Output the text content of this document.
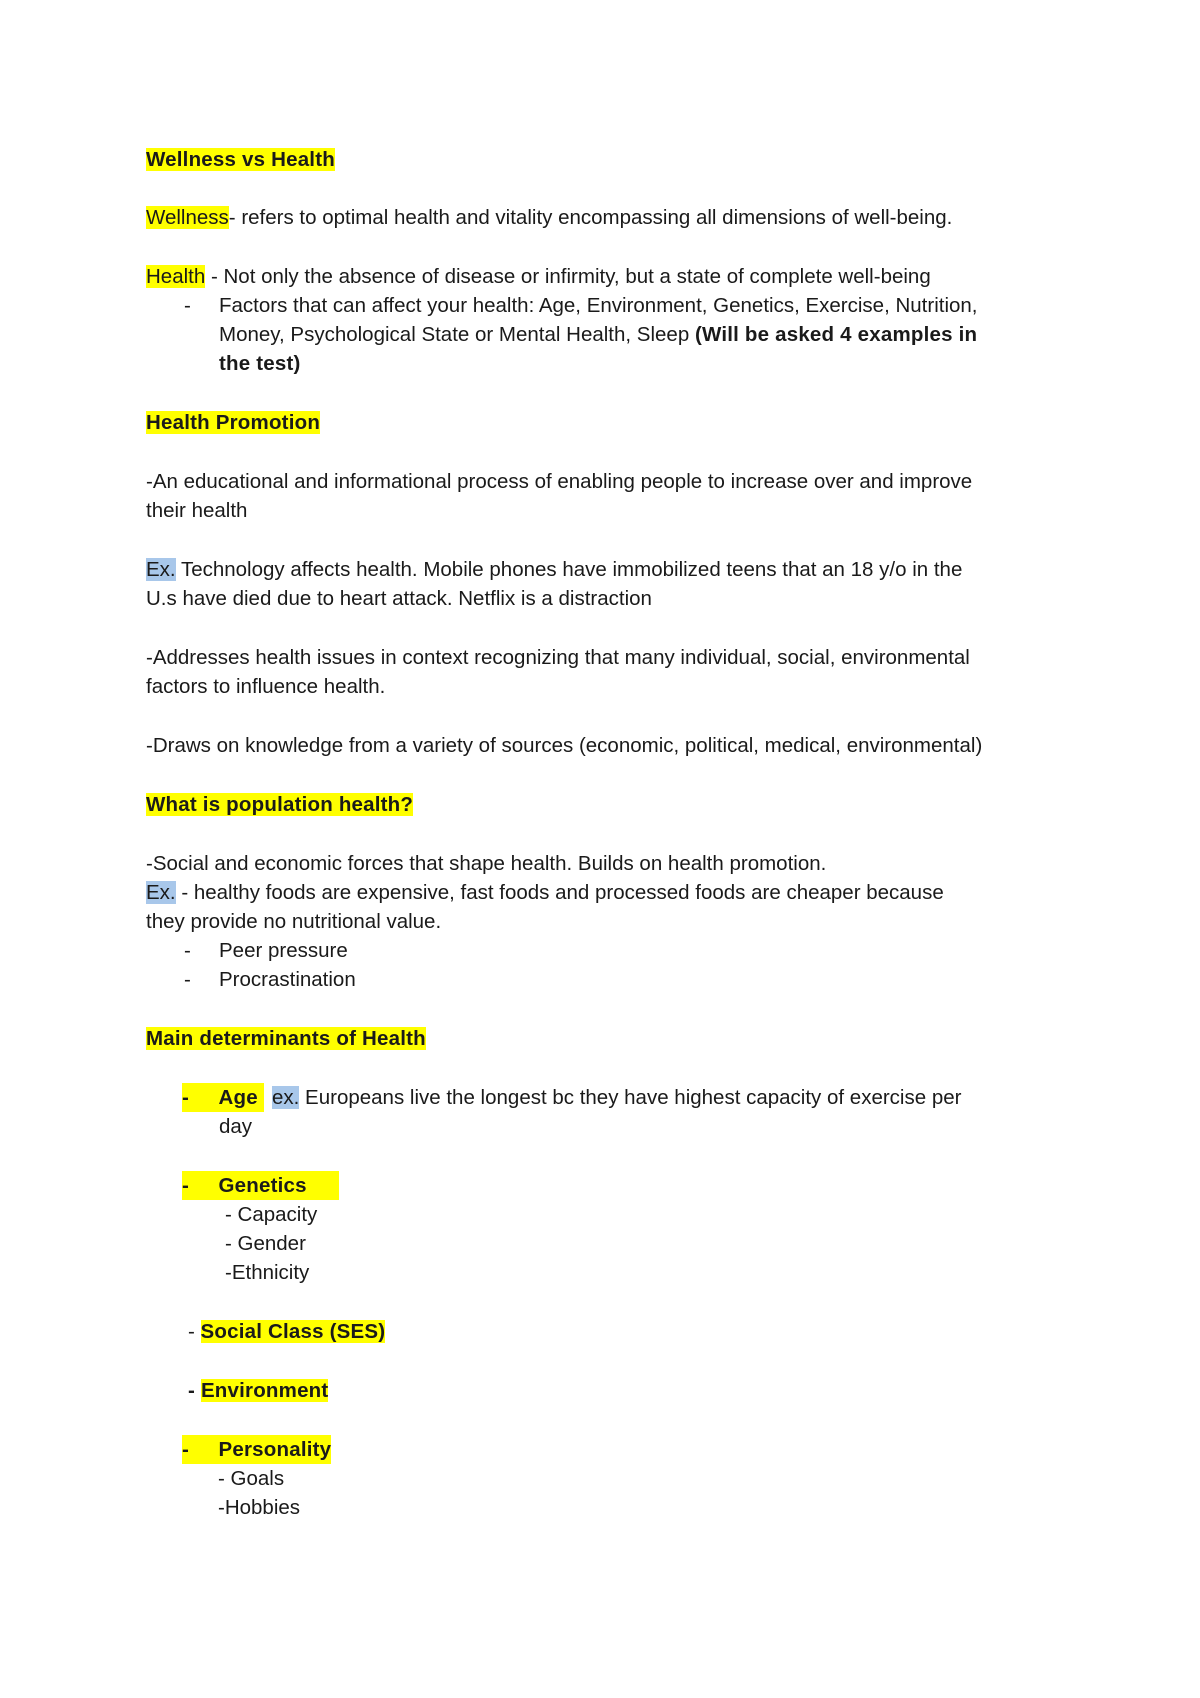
Wellness vs Health
Wellness- refers to optimal health and vitality encompassing all dimensions of well-being.
Health - Not only the absence of disease or infirmity, but a state of complete well-being
- Factors that can affect your health: Age, Environment, Genetics, Exercise, Nutrition,
Money, Psychological State or Mental Health, Sleep (Will be asked 4 examples in
the test)
Health Promotion
-An educational and informational process of enabling people to increase over and improve
their health
Ex. Technology affects health. Mobile phones have immobilized teens that an 18 y/o in the
U.s have died due to heart attack. Netflix is a distraction
-Addresses health issues in context recognizing that many individual, social, environmental
factors to influence health.
-Draws on knowledge from a variety of sources (economic, political, medical, environmental)
What is population health?
-Social and economic forces that shape health. Builds on health promotion.
Ex. - healthy foods are expensive, fast foods and processed foods are cheaper because
they provide no nutritional value.
- Peer pressure
- Procrastination
Main determinants of Health
-     Age ex. Europeans live the longest bc they have highest capacity of exercise per
day
-     Genetics
- Capacity
- Gender
-Ethnicity
- Social Class (SES)
- Environment
-     Personality
- Goals
-Hobbies
